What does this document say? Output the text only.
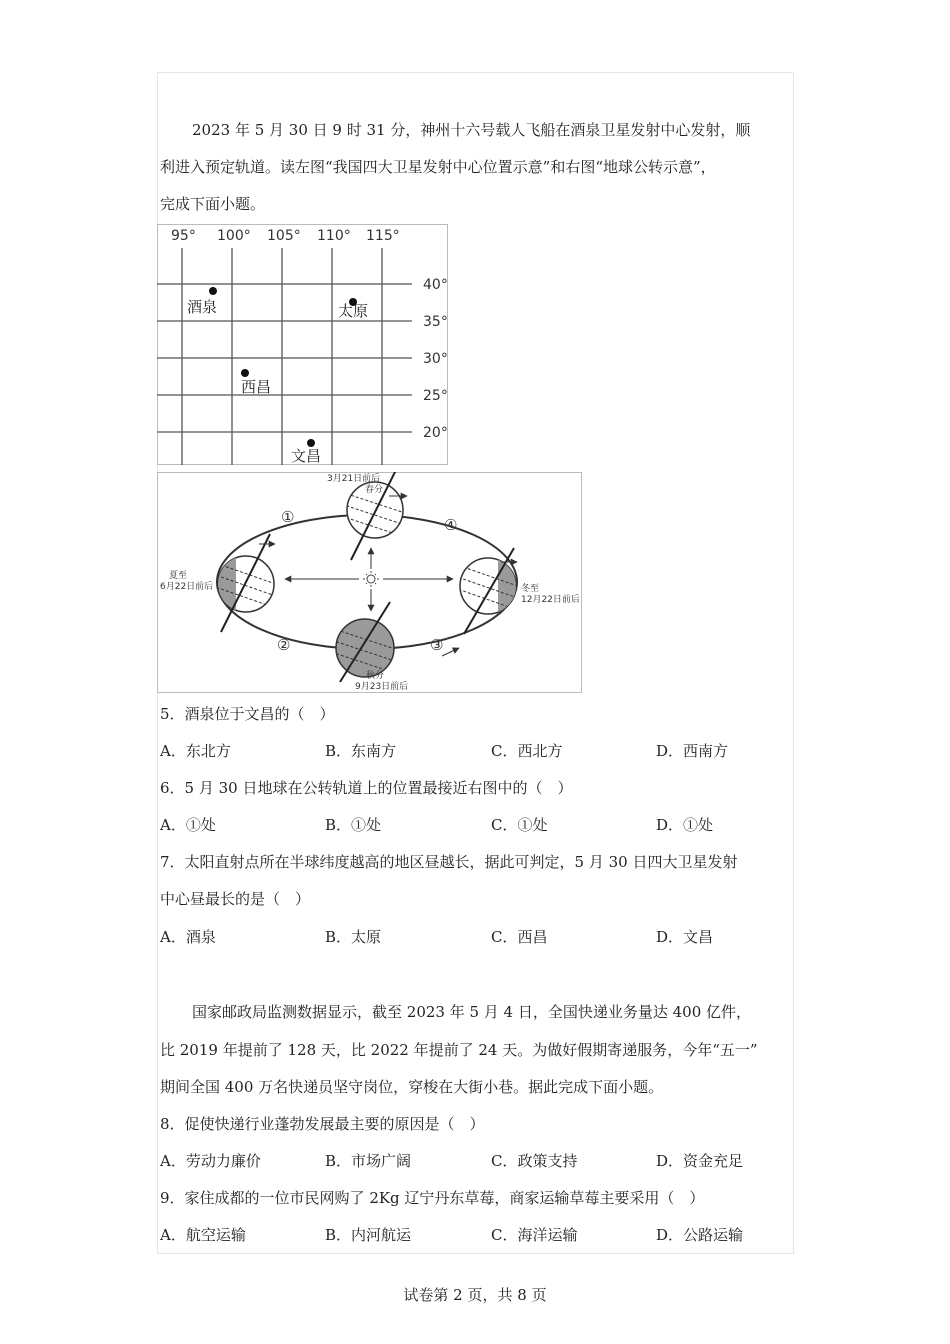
2023 年 5 月 30 日 9 时 31 分，神州十六号载人飞船在酒泉卫星发射中心发射，顺
利进入预定轨道。读左图“我国四大卫星发射中心位置示意”和右图“地球公转示意”，
完成下面小题。
95° 100° 105° 110° 115°
40°
35°
30°
25°
20°
酒泉	太原
西昌
文昌
①
②	③
④
3月21日前后
春分
夏至
6月22日前后	冬至
12月22日前后
秋分
9月23日前后
5．酒泉位于文昌的（　）
A．东北方	B．东南方	C．西北方	D．西南方
6．5 月 30 日地球在公转轨道上的位置最接近右图中的（　）
A．①处	B．①处	C．①处	D．①处
7．太阳直射点所在半球纬度越高的地区昼越长，据此可判定，5 月 30 日四大卫星发射
中心昼最长的是（　）
A．酒泉	B．太原	C．西昌	D．文昌
国家邮政局监测数据显示，截至 2023 年 5 月 4 日，全国快递业务量达 400 亿件，
比 2019 年提前了 128 天，比 2022 年提前了 24 天。为做好假期寄递服务，今年“五一”
期间全国 400 万名快递员坚守岗位，穿梭在大街小巷。据此完成下面小题。
8．促使快递行业蓬勃发展最主要的原因是（　）
A．劳动力廉价	B．市场广阔	C．政策支持	D．资金充足
9．家住成都的一位市民网购了 2Kg 辽宁丹东草莓，商家运输草莓主要采用（　）
A．航空运输	B．内河航运	C．海洋运输	D．公路运输
试卷第 2 页，共 8 页
